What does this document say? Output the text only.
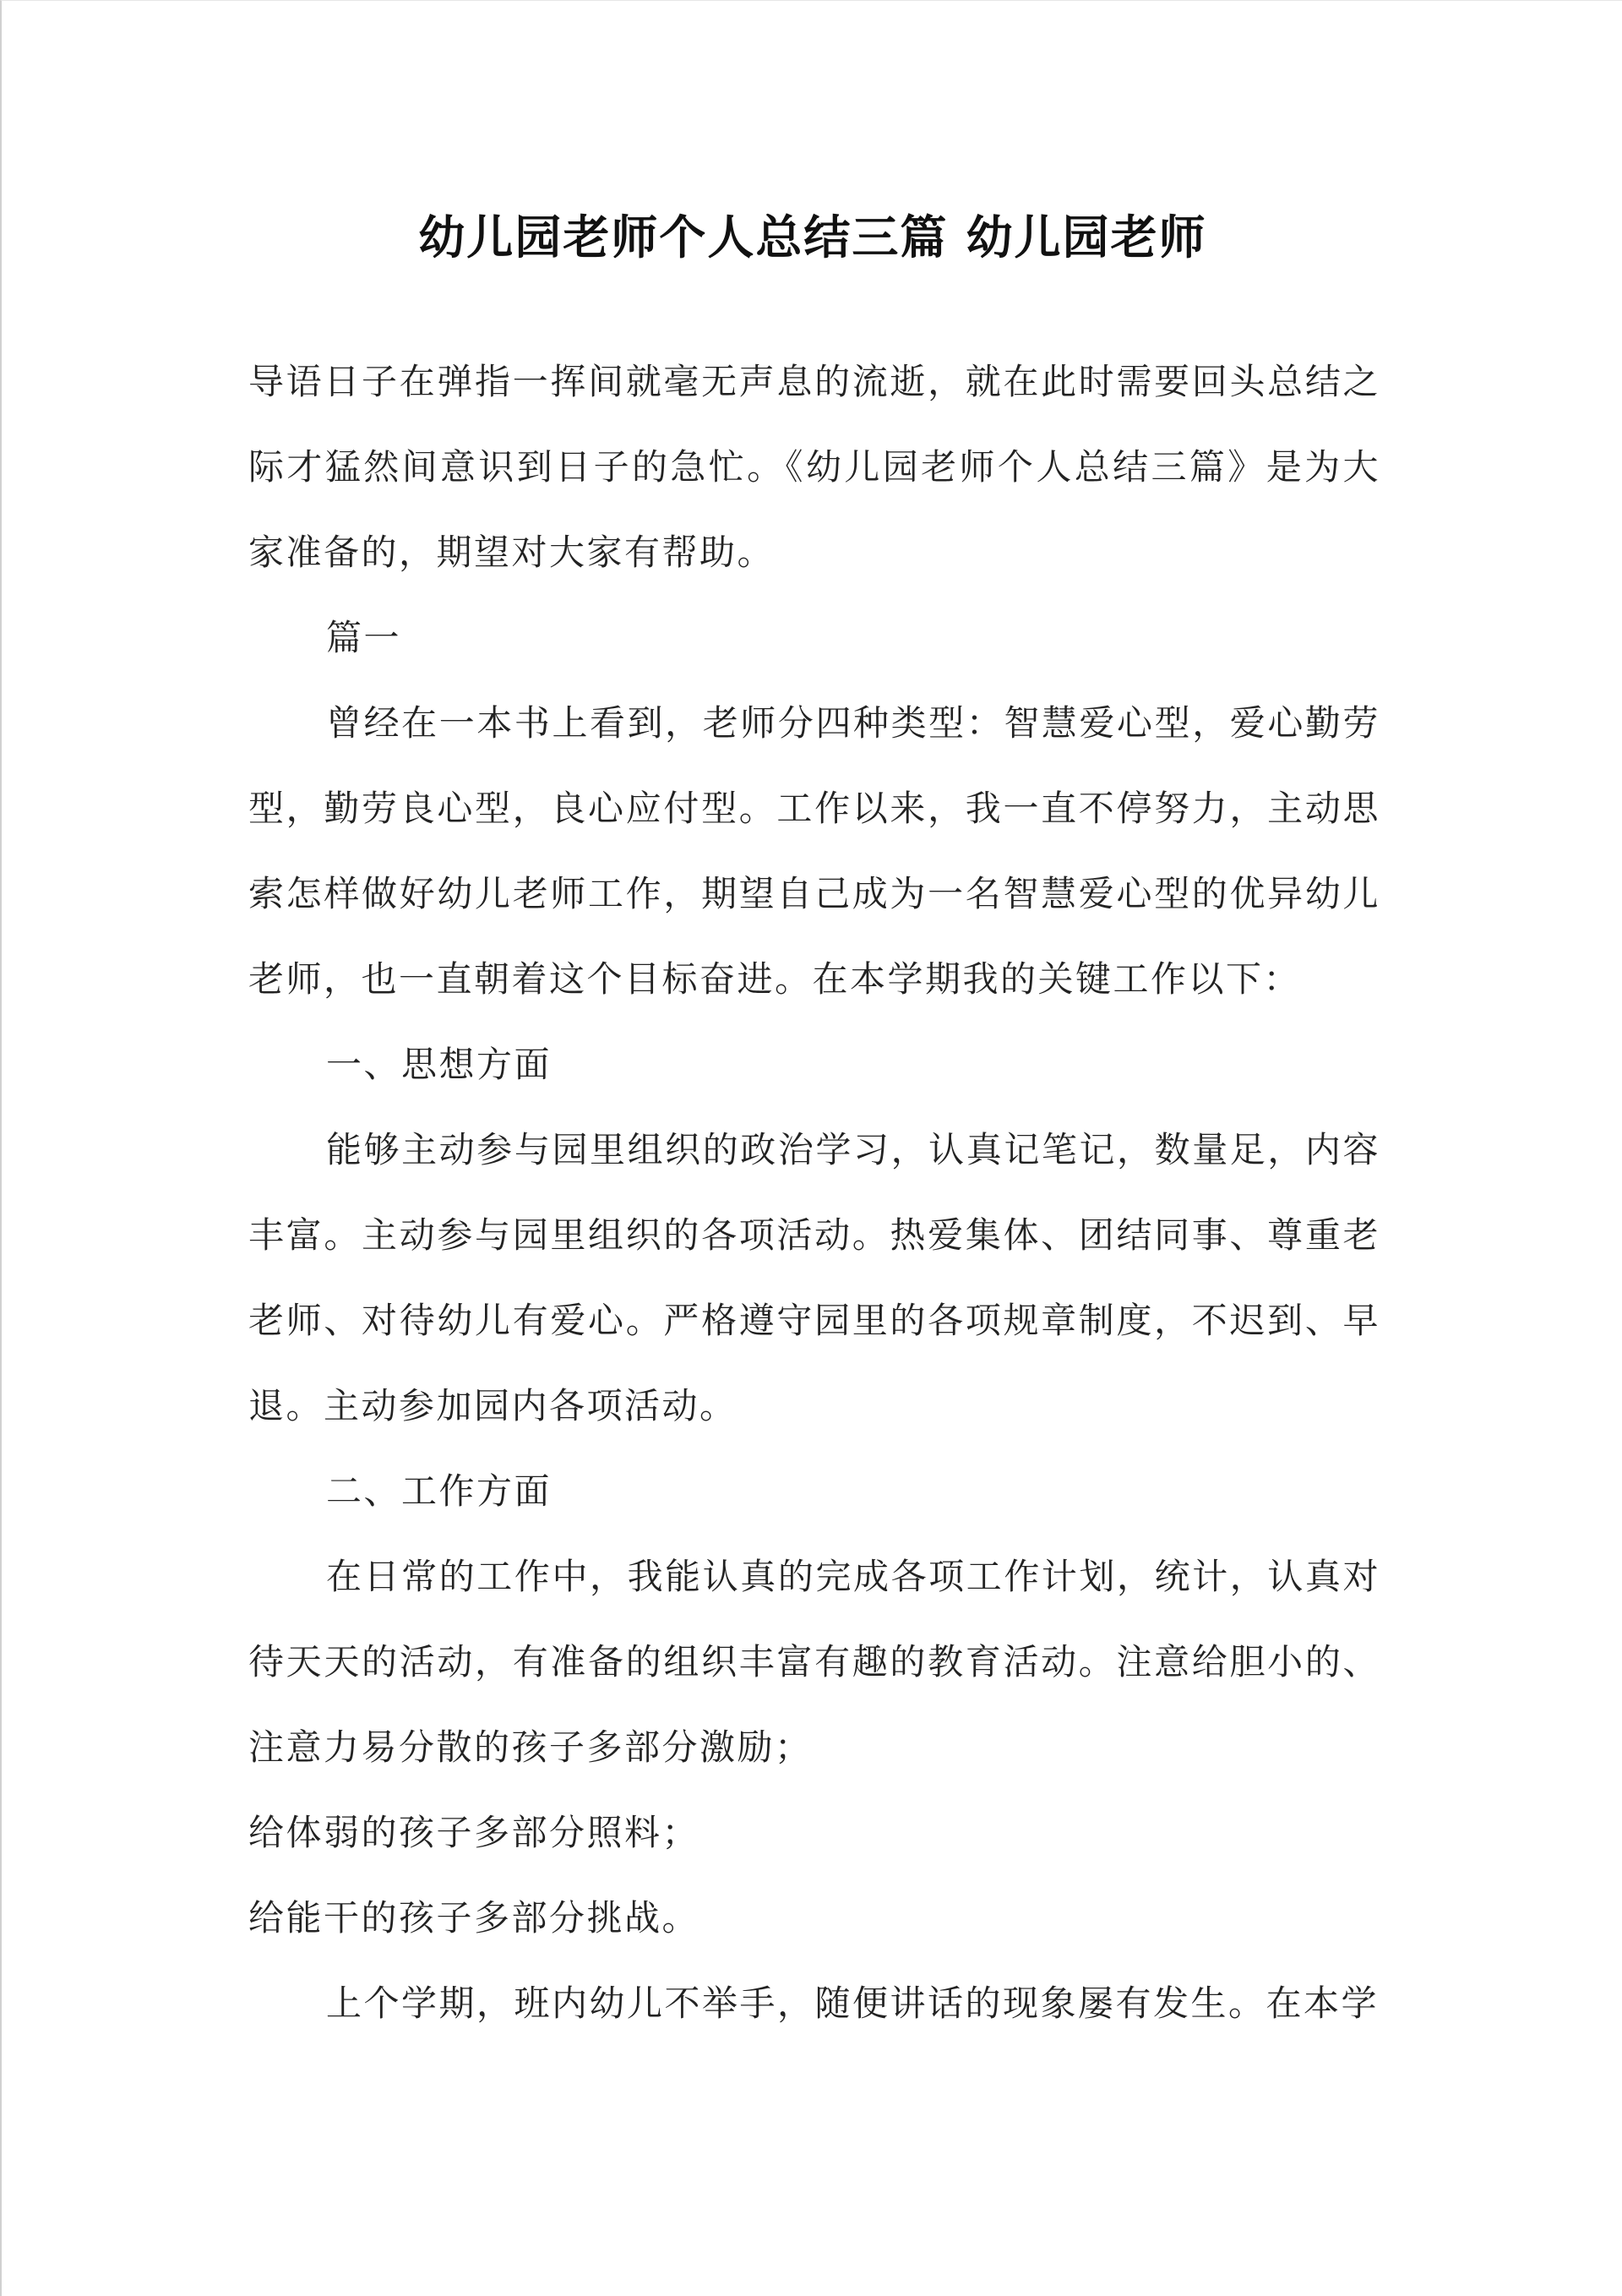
幼儿园老师个人总结三篇 幼儿园老师

导语日子在弹指一挥间就毫无声息的流逝，就在此时需要回头总结之际才猛然间意识到日子的急忙。《幼儿园老师个人总结三篇》是为大家准备的，期望对大家有帮助。

篇一

曾经在一本书上看到，老师分四种类型：智慧爱心型，爱心勤劳型，勤劳良心型，良心应付型。工作以来，我一直不停努力，主动思索怎样做好幼儿老师工作，期望自己成为一名智慧爱心型的优异幼儿老师，也一直朝着这个目标奋进。在本学期我的关键工作以下：

一、思想方面

能够主动参与园里组织的政治学习，认真记笔记，数量足，内容丰富。主动参与园里组织的各项活动。热爱集体、团结同事、尊重老老师、对待幼儿有爱心。严格遵守园里的各项规章制度，不迟到、早退。主动参加园内各项活动。

二、工作方面

在日常的工作中，我能认真的完成各项工作计划，统计，认真对待天天的活动，有准备的组织丰富有趣的教育活动。注意给胆小的、注意力易分散的孩子多部分激励；

给体弱的孩子多部分照料；

给能干的孩子多部分挑战。

上个学期，班内幼儿不举手，随便讲话的现象屡有发生。在本学
